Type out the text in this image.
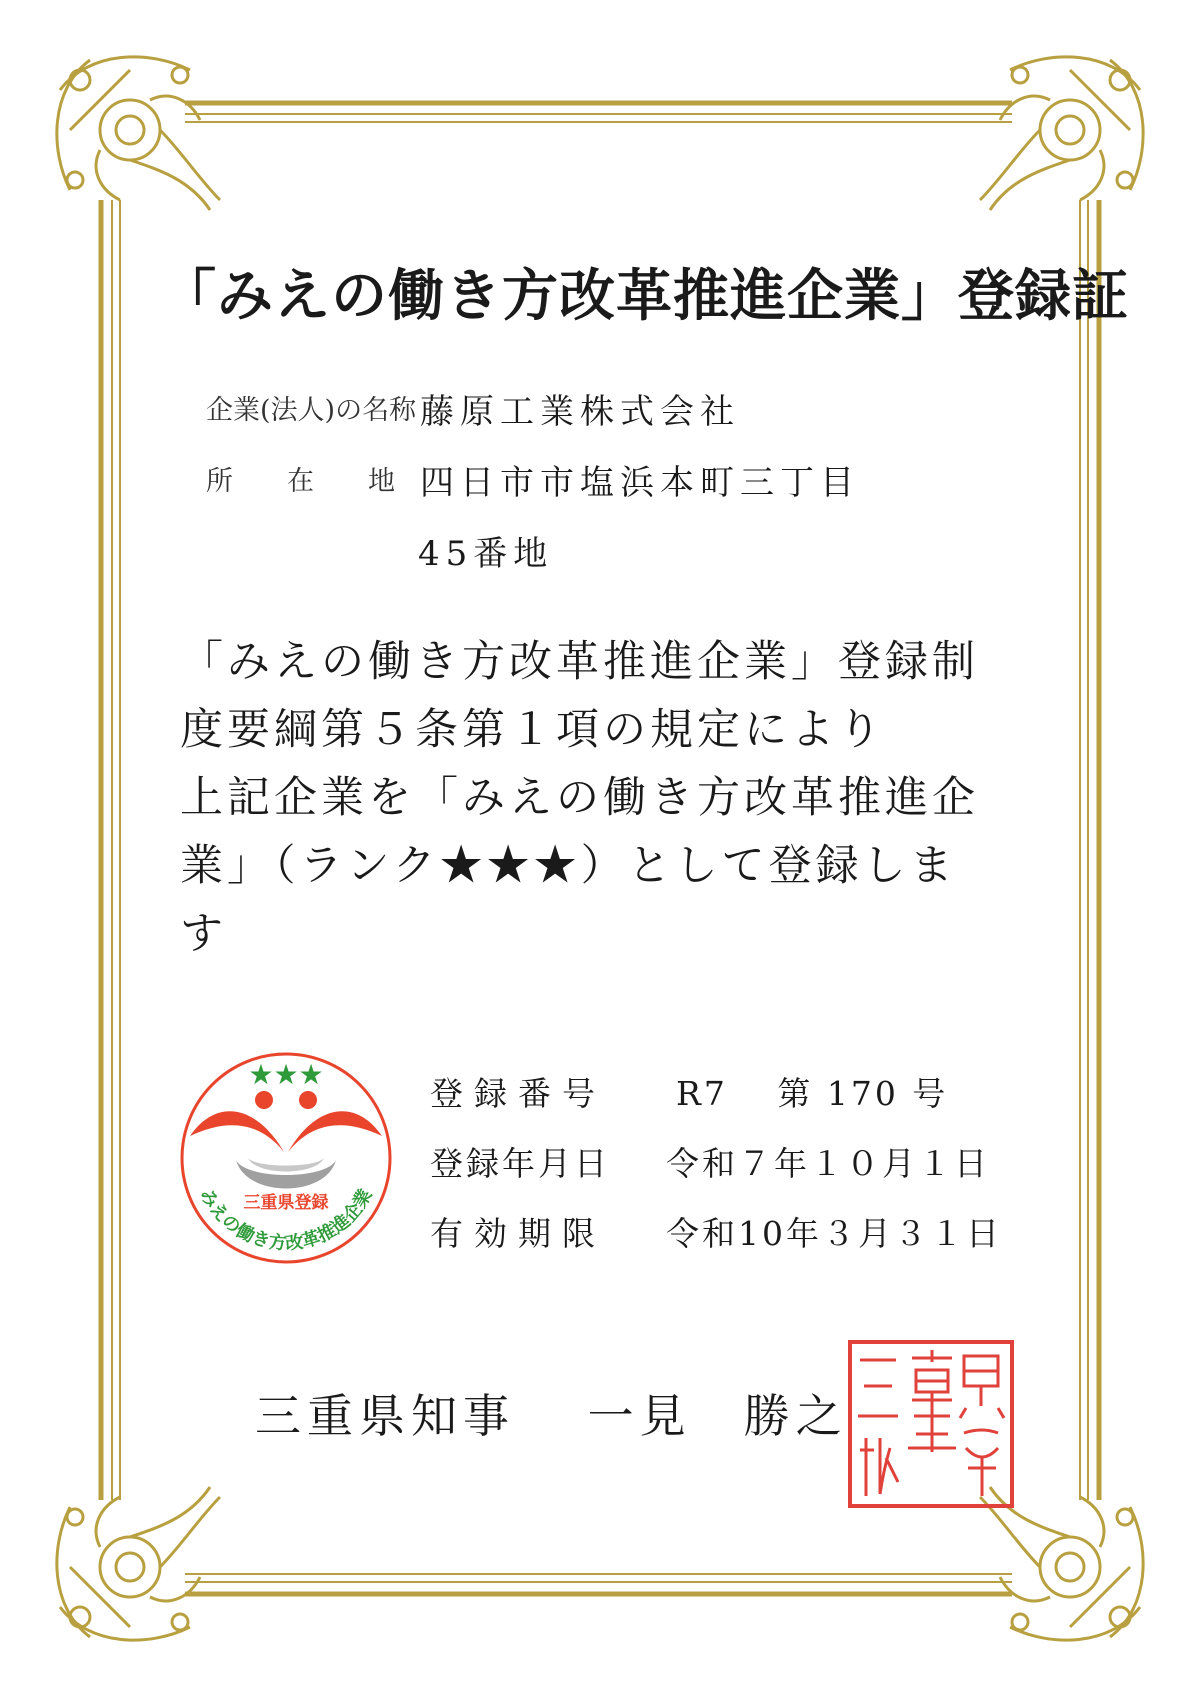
「みえの働き方改革推進企業」登録証
企業(法人)の名称 藤原工業株式会社
所　　在　　地 四日市市塩浜本町三丁目
45番地
「みえの働き方改革推進企業」登録制
度要綱第５条第１項の規定により
上記企業を「みえの働き方改革推進企
業」（ランク★★★）として登録しま
す
★★★
三重県登録
みえの働き方改革推進企業
登録番号 R7　 第 170 号
登録年月日 令和７年１０月１日
有効期限 令和10年３月３１日
三重県知事　 一見　勝之
